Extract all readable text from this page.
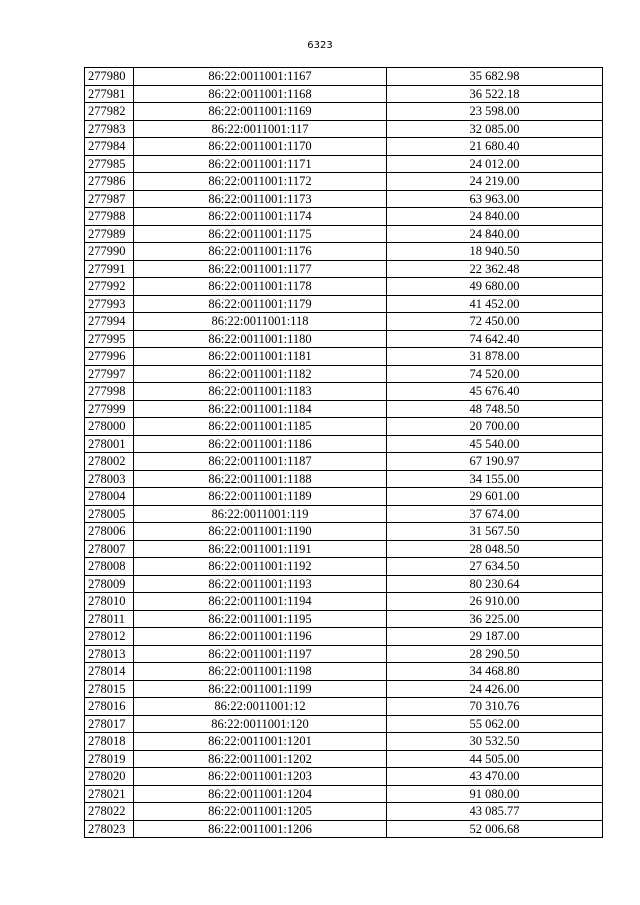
6323
277980	86:22:0011001:1167	35 682.98
277981	86:22:0011001:1168	36 522.18
277982	86:22:0011001:1169	23 598.00
277983	86:22:0011001:117	32 085.00
277984	86:22:0011001:1170	21 680.40
277985	86:22:0011001:1171	24 012.00
277986	86:22:0011001:1172	24 219.00
277987	86:22:0011001:1173	63 963.00
277988	86:22:0011001:1174	24 840.00
277989	86:22:0011001:1175	24 840.00
277990	86:22:0011001:1176	18 940.50
277991	86:22:0011001:1177	22 362.48
277992	86:22:0011001:1178	49 680.00
277993	86:22:0011001:1179	41 452.00
277994	86:22:0011001:118	72 450.00
277995	86:22:0011001:1180	74 642.40
277996	86:22:0011001:1181	31 878.00
277997	86:22:0011001:1182	74 520.00
277998	86:22:0011001:1183	45 676.40
277999	86:22:0011001:1184	48 748.50
278000	86:22:0011001:1185	20 700.00
278001	86:22:0011001:1186	45 540.00
278002	86:22:0011001:1187	67 190.97
278003	86:22:0011001:1188	34 155.00
278004	86:22:0011001:1189	29 601.00
278005	86:22:0011001:119	37 674.00
278006	86:22:0011001:1190	31 567.50
278007	86:22:0011001:1191	28 048.50
278008	86:22:0011001:1192	27 634.50
278009	86:22:0011001:1193	80 230.64
278010	86:22:0011001:1194	26 910.00
278011	86:22:0011001:1195	36 225.00
278012	86:22:0011001:1196	29 187.00
278013	86:22:0011001:1197	28 290.50
278014	86:22:0011001:1198	34 468.80
278015	86:22:0011001:1199	24 426.00
278016	86:22:0011001:12	70 310.76
278017	86:22:0011001:120	55 062.00
278018	86:22:0011001:1201	30 532.50
278019	86:22:0011001:1202	44 505.00
278020	86:22:0011001:1203	43 470.00
278021	86:22:0011001:1204	91 080.00
278022	86:22:0011001:1205	43 085.77
278023	86:22:0011001:1206	52 006.68
